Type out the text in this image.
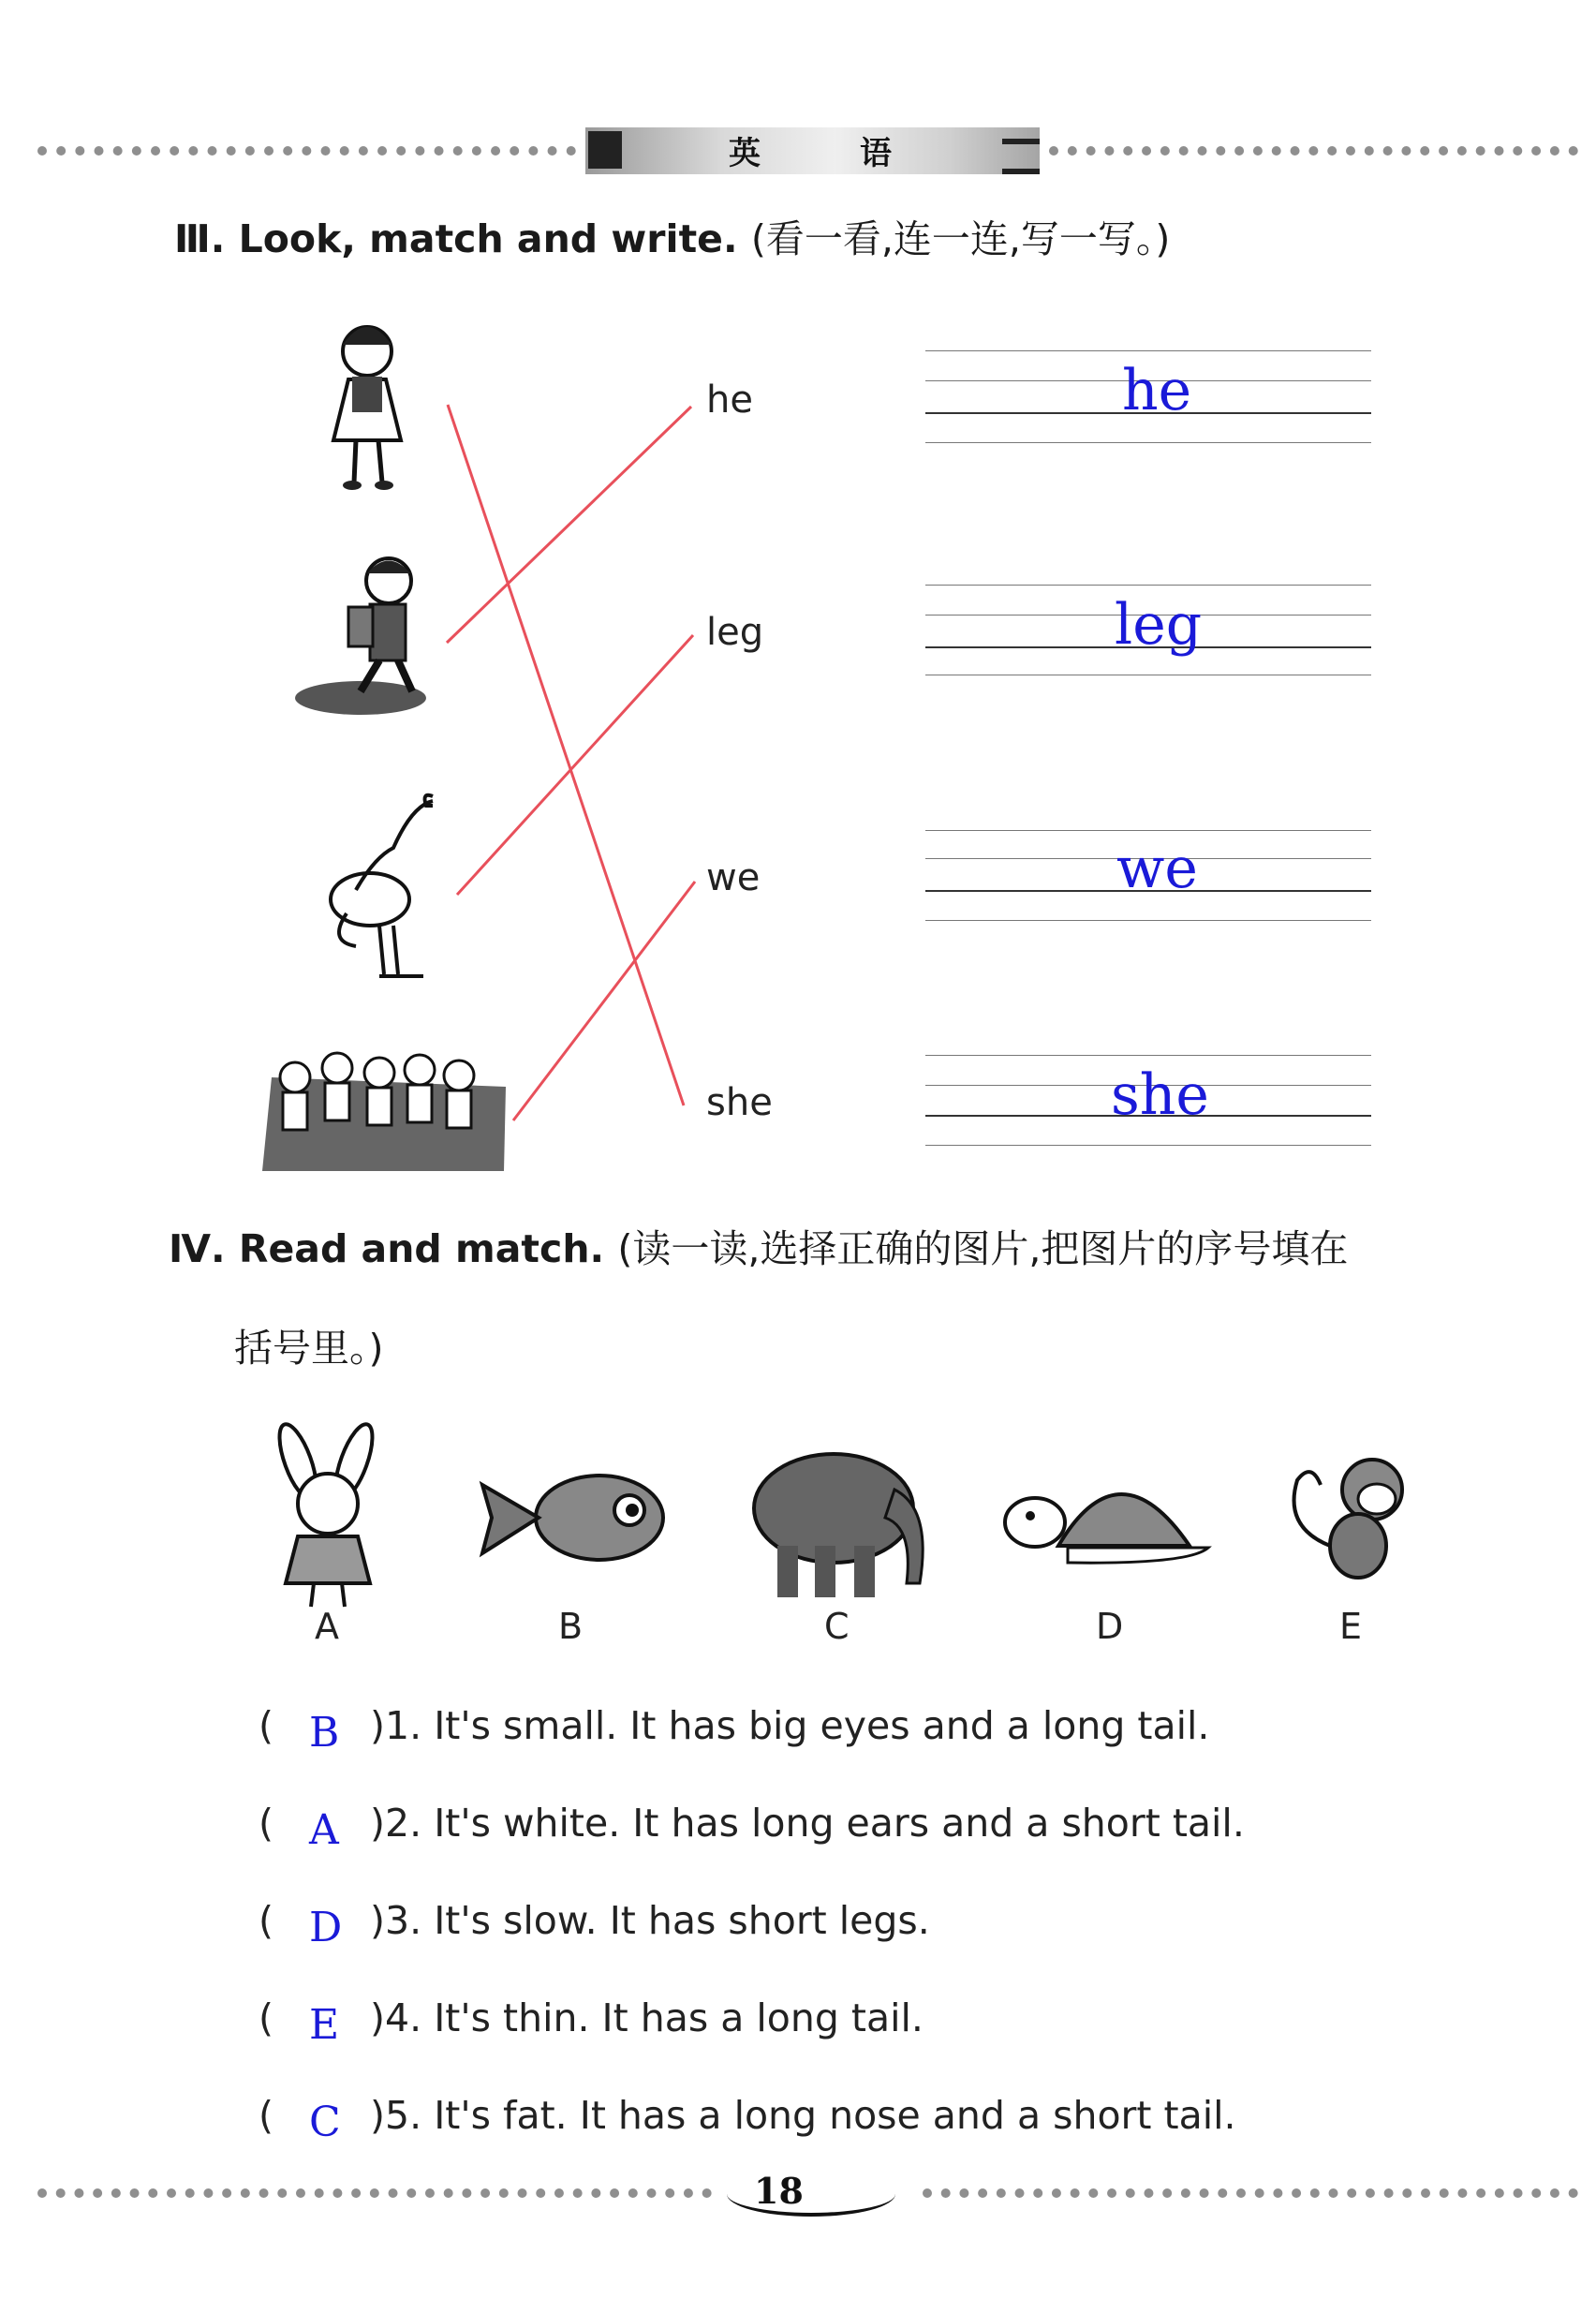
英	语
Ⅲ. Look, match and write. (看一看,连一连,写一写。)
he
leg
we
she
he
leg
we
she
Ⅳ. Read and match. (读一读,选择正确的图片,把图片的序号填在
括号里。)
A	B	C	D	E
( B )1. It's small. It has big eyes and a long tail.
( A )2. It's white. It has long ears and a short tail.
( D )3. It's slow. It has short legs.
( E )4. It's thin. It has a long tail.
( C )5. It's fat. It has a long nose and a short tail.
18
